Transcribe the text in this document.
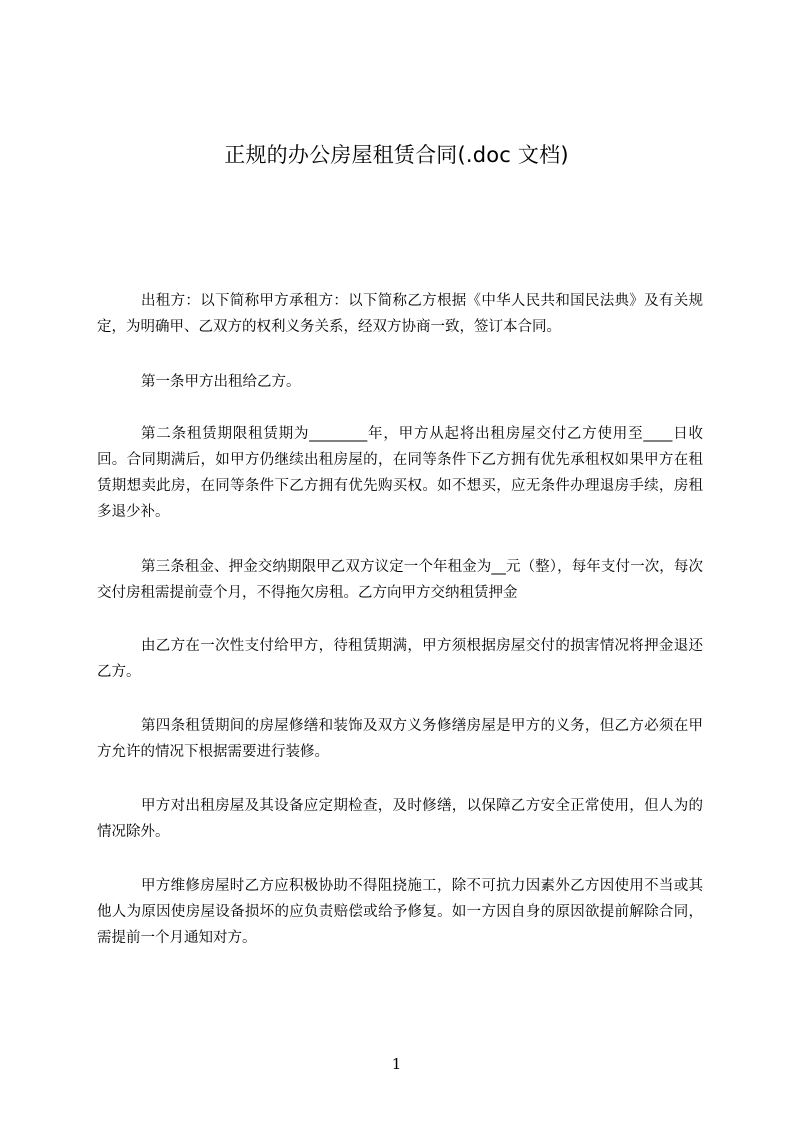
正规的办公房屋租赁合同(.doc 文档)
出租方：以下简称甲方承租方：以下简称乙方根据《中华人民共和国民法典》及有关规定，为明确甲、乙双方的权利义务关系，经双方协商一致，签订本合同。
第一条甲方出租给乙方。
第二条租赁期限租赁期为________年，甲方从起将出租房屋交付乙方使用至____日收回。合同期满后，如甲方仍继续出租房屋的，在同等条件下乙方拥有优先承租权如果甲方在租赁期想卖此房，在同等条件下乙方拥有优先购买权。如不想买，应无条件办理退房手续，房租多退少补。
第三条租金、押金交纳期限甲乙双方议定一个年租金为__元（整），每年支付一次，每次交付房租需提前壹个月，不得拖欠房租。乙方向甲方交纳租赁押金
由乙方在一次性支付给甲方，待租赁期满，甲方须根据房屋交付的损害情况将押金退还乙方。
第四条租赁期间的房屋修缮和装饰及双方义务修缮房屋是甲方的义务，但乙方必须在甲方允许的情况下根据需要进行装修。
甲方对出租房屋及其设备应定期检查，及时修缮，以保障乙方安全正常使用，但人为的情况除外。
甲方维修房屋时乙方应积极协助不得阻挠施工，除不可抗力因素外乙方因使用不当或其他人为原因使房屋设备损坏的应负责赔偿或给予修复。如一方因自身的原因欲提前解除合同，需提前一个月通知对方。
1
